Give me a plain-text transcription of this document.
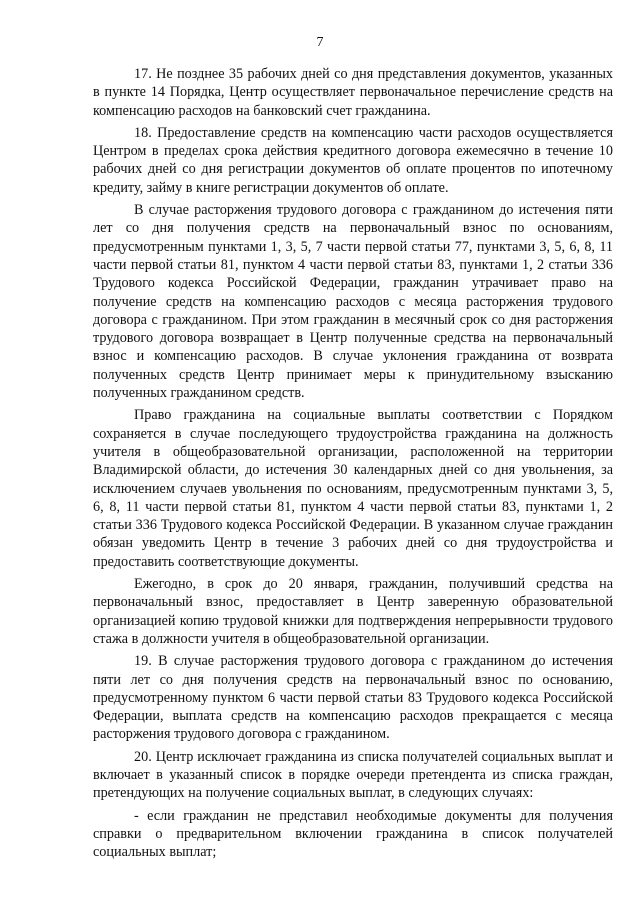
7

17. Не позднее 35 рабочих дней со дня представления документов, указанных в пункте 14 Порядка, Центр осуществляет первоначальное перечисление средств на компенсацию расходов на банковский счет гражданина.

18. Предоставление средств на компенсацию части расходов осуществляется Центром в пределах срока действия кредитного договора ежемесячно в течение 10 рабочих дней со дня регистрации документов об оплате процентов по ипотечному кредиту, займу в книге регистрации документов об оплате.

В случае расторжения трудового договора с гражданином до истечения пяти лет со дня получения средств на первоначальный взнос по основаниям, предусмотренным пунктами 1, 3, 5, 7 части первой статьи 77, пунктами 3, 5, 6, 8, 11 части первой статьи 81, пунктом 4 части первой статьи 83, пунктами 1, 2 статьи 336 Трудового кодекса Российской Федерации, гражданин утрачивает право на получение средств на компенсацию расходов с месяца расторжения трудового договора с гражданином. При этом гражданин в месячный срок со дня расторжения трудового договора возвращает в Центр полученные средства на первоначальный взнос и компенсацию расходов. В случае уклонения гражданина от возврата полученных средств Центр принимает меры к принудительному взысканию полученных гражданином средств.

Право гражданина на социальные выплаты соответствии с Порядком сохраняется в случае последующего трудоустройства гражданина на должность учителя в общеобразовательной организации, расположенной на территории Владимирской области, до истечения 30 календарных дней со дня увольнения, за исключением случаев увольнения по основаниям, предусмотренным пунктами 3, 5, 6, 8, 11 части первой статьи 81, пунктом 4 части первой статьи 83, пунктами 1, 2 статьи 336 Трудового кодекса Российской Федерации. В указанном случае гражданин обязан уведомить Центр в течение 3 рабочих дней со дня трудоустройства и предоставить соответствующие документы.

Ежегодно, в срок до 20 января, гражданин, получивший средства на первоначальный взнос, предоставляет в Центр заверенную образовательной организацией копию трудовой книжки для подтверждения непрерывности трудового стажа в должности учителя в общеобразовательной организации.

19. В случае расторжения трудового договора с гражданином до истечения пяти лет со дня получения средств на первоначальный взнос по основанию, предусмотренному пунктом 6 части первой статьи 83 Трудового кодекса Российской Федерации, выплата средств на компенсацию расходов прекращается с месяца расторжения трудового договора с гражданином.

20. Центр исключает гражданина из списка получателей социальных выплат и включает в указанный список в порядке очереди претендента из списка граждан, претендующих на получение социальных выплат, в следующих случаях:

- если гражданин не представил необходимые документы для получения справки о предварительном включении гражданина в список получателей социальных выплат;
